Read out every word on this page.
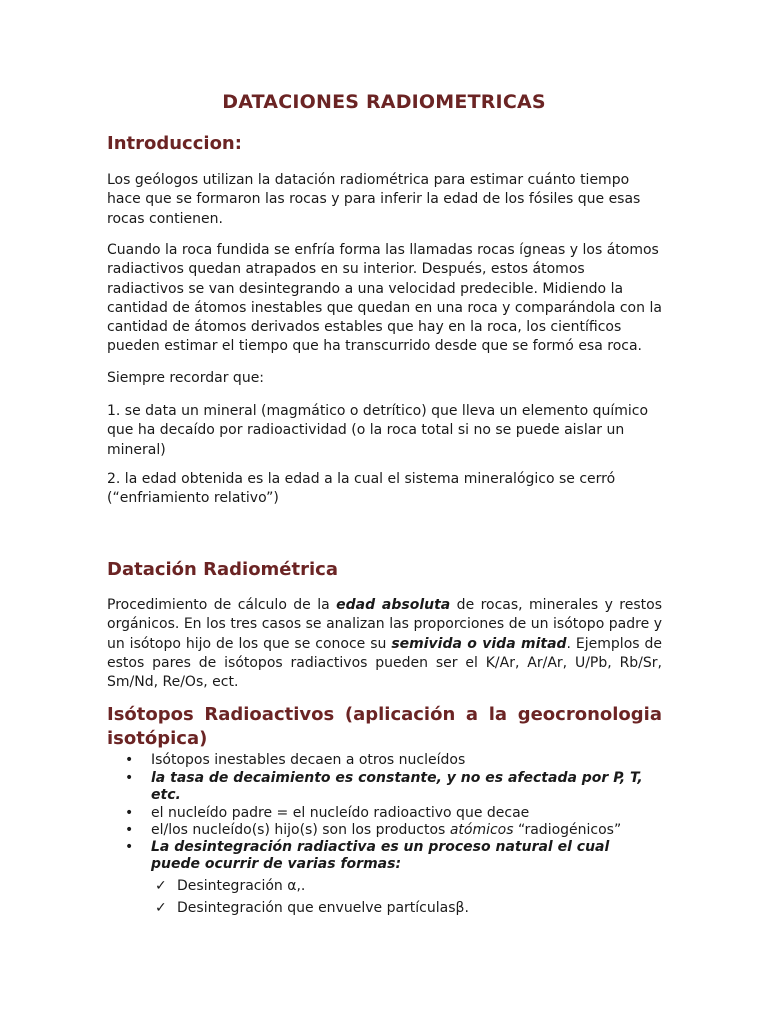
DATACIONES RADIOMETRICAS
Introduccion:

Los geólogos utilizan la datación radiométrica para estimar cuánto tiempo hace que se formaron las rocas y para inferir la edad de los fósiles que esas rocas contienen.

Cuando la roca fundida se enfría forma las llamadas rocas ígneas y los átomos radiactivos quedan atrapados en su interior. Después, estos átomos radiactivos se van desintegrando a una velocidad predecible. Midiendo la cantidad de átomos inestables que quedan en una roca y comparándola con la cantidad de átomos derivados estables que hay en la roca, los científicos pueden estimar el tiempo que ha transcurrido desde que se formó esa roca.

Siempre recordar que:

1. se data un mineral (magmático o detrítico) que lleva un elemento químico que ha decaído por radioactividad (o la roca total si no se puede aislar un mineral)

2. la edad obtenida es la edad a la cual el sistema mineralógico se cerró (“enfriamiento relativo”)

Datación Radiométrica

Procedimiento de cálculo de la edad absoluta de rocas, minerales y restos orgánicos. En los tres casos se analizan las proporciones de un isótopo padre y un isótopo hijo de los que se conoce su semivida o vida mitad. Ejemplos de estos pares de isótopos radiactivos pueden ser el K/Ar, Ar/Ar, U/Pb, Rb/Sr, Sm/Nd, Re/Os, ect.

Isótopos Radioactivos (aplicación a la geocronologia isotópica)
• Isótopos inestables decaen a otros nucleídos
• la tasa de decaimiento es constante, y no es afectada por P, T, etc.
• el nucleído padre = el nucleído radioactivo que decae
• el/los nucleído(s) hijo(s) son los productos atómicos “radiogénicos”
• La desintegración radiactiva es un proceso natural el cual puede ocurrir de varias formas:
✓ Desintegración α,.
✓ Desintegración que envuelve partículasβ.
